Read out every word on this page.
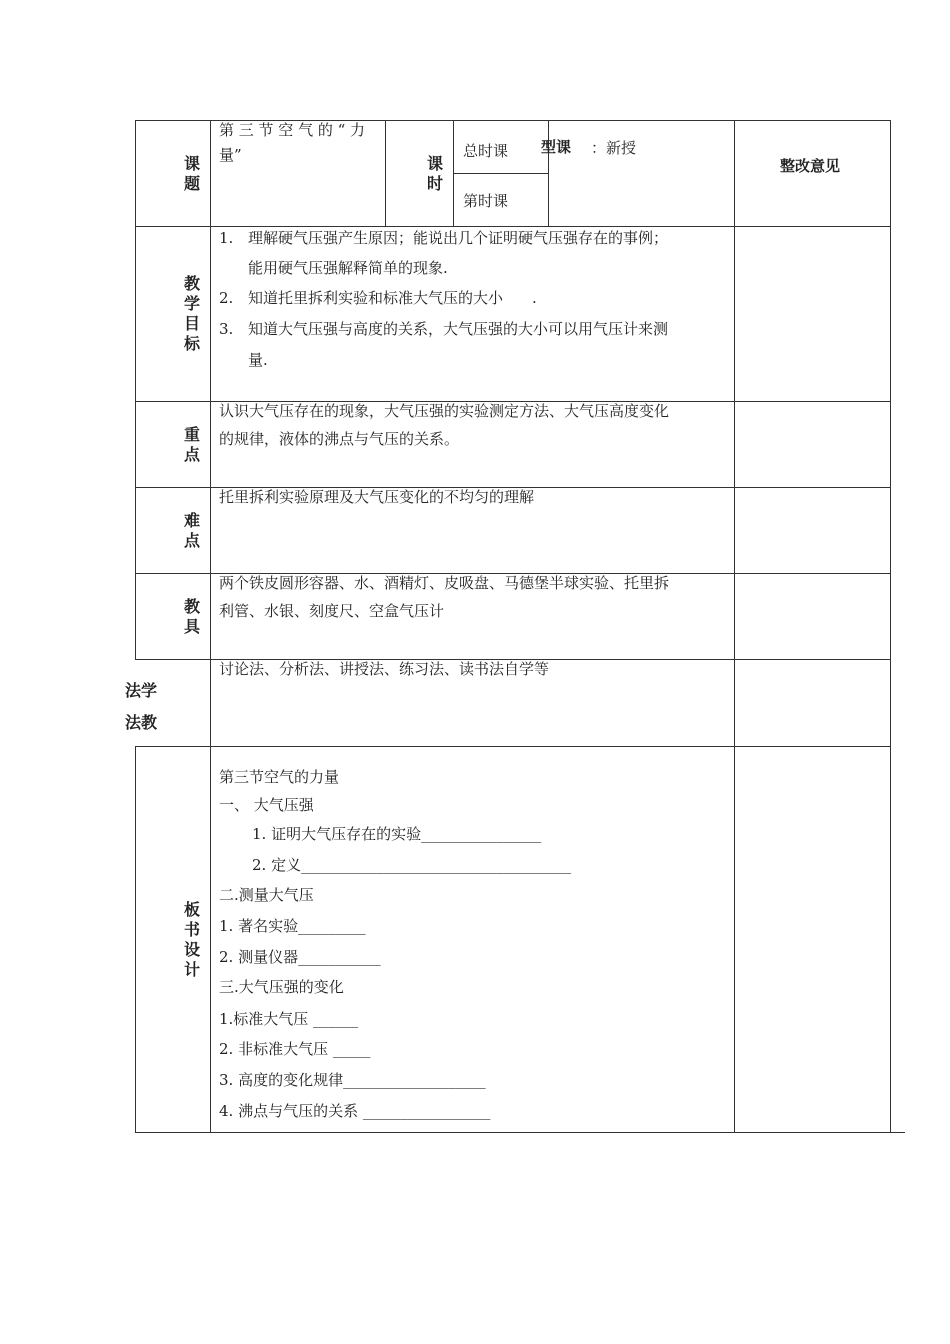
课题
第 三 节 空 气 的 “ 力
量”	课时
总时课
第时课
型课 ：新授
整改意见
教学目标
1. 理解硬气压强产生原因；能说出几个证明硬气压强存在的事例；
能用硬气压强解释简单的现象.
2. 知道托里拆利实验和标准大气压的大小 .
3. 知道大气压强与高度的关系，大气压强的大小可以用气压计来测
量.
重点
认识大气压存在的现象，大气压强的实验测定方法、大气压高度变化
的规律，液体的沸点与气压的关系。
难点
托里拆利实验原理及大气压变化的不均匀的理解
教具
两个铁皮圆形容器、水、酒精灯、皮吸盘、马德堡半球实验、托里拆
利管、水银、刻度尺、空盒气压计
法学
法教
讨论法、分析法、讲授法、练习法、读书法自学等
板书设计
第三节空气的力量
一、 大气压强
1. 证明大气压存在的实验________________
2. 定义____________________________________
二.测量大气压
1. 著名实验_________
2. 测量仪器___________
三.大气压强的变化
1.标准大气压 ______
2. 非标准大气压 _____
3. 高度的变化规律___________________
4. 沸点与气压的关系 _________________
